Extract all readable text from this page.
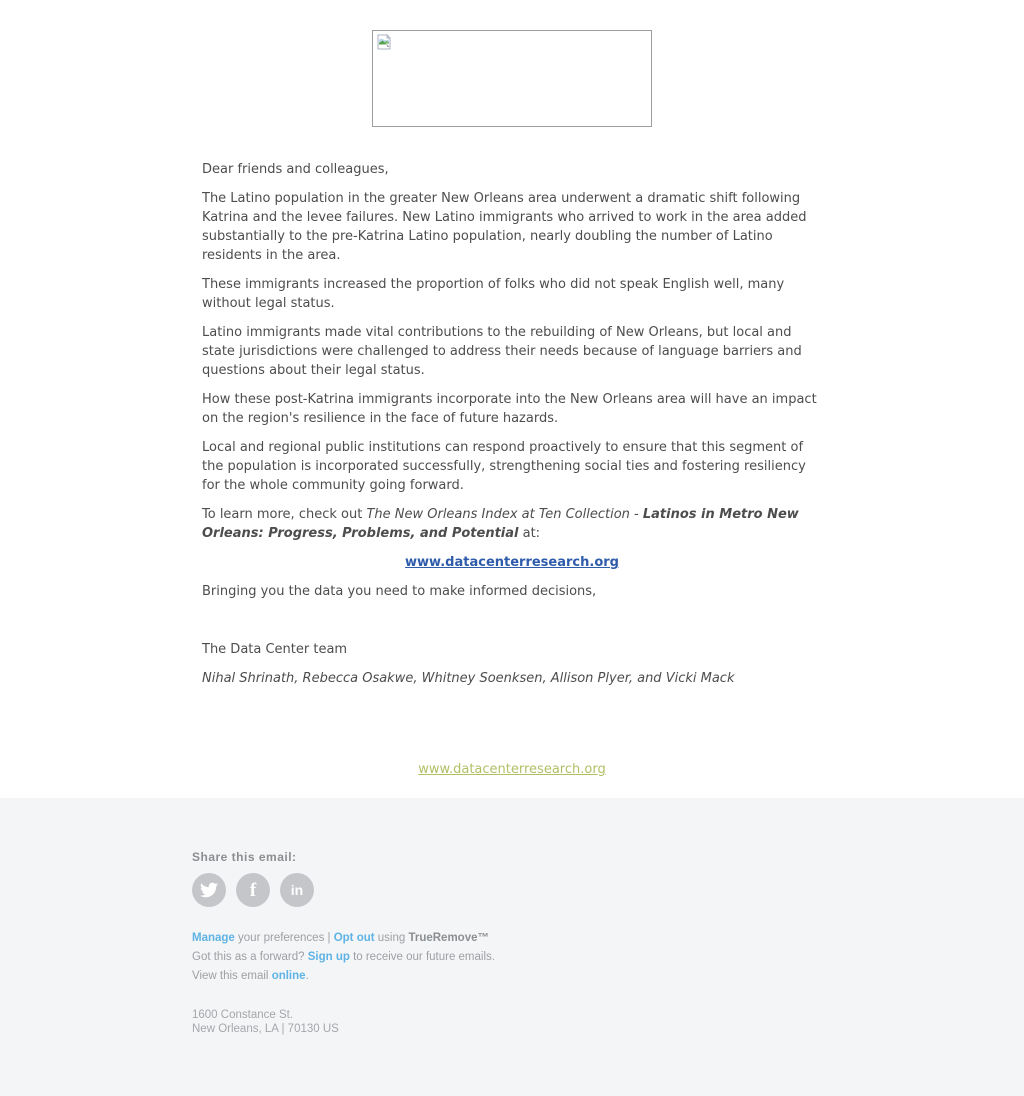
Dear friends and colleagues,

The Latino population in the greater New Orleans area underwent a dramatic shift following Katrina and the levee failures. New Latino immigrants who arrived to work in the area added substantially to the pre-Katrina Latino population, nearly doubling the number of Latino residents in the area.

These immigrants increased the proportion of folks who did not speak English well, many without legal status.

Latino immigrants made vital contributions to the rebuilding of New Orleans, but local and state jurisdictions were challenged to address their needs because of language barriers and questions about their legal status.

How these post-Katrina immigrants incorporate into the New Orleans area will have an impact on the region's resilience in the face of future hazards.

Local and regional public institutions can respond proactively to ensure that this segment of the population is incorporated successfully, strengthening social ties and fostering resiliency for the whole community going forward.

To learn more, check out The New Orleans Index at Ten Collection - Latinos in Metro New Orleans: Progress, Problems, and Potential at:

www.datacenterresearch.org

Bringing you the data you need to make informed decisions,

The Data Center team

Nihal Shrinath, Rebecca Osakwe, Whitney Soenksen, Allison Plyer, and Vicki Mack

www.datacenterresearch.org

Share this email:
f in
Manage your preferences | Opt out using TrueRemove™
Got this as a forward? Sign up to receive our future emails.
View this email online.
1600 Constance St.
New Orleans, LA | 70130 US
